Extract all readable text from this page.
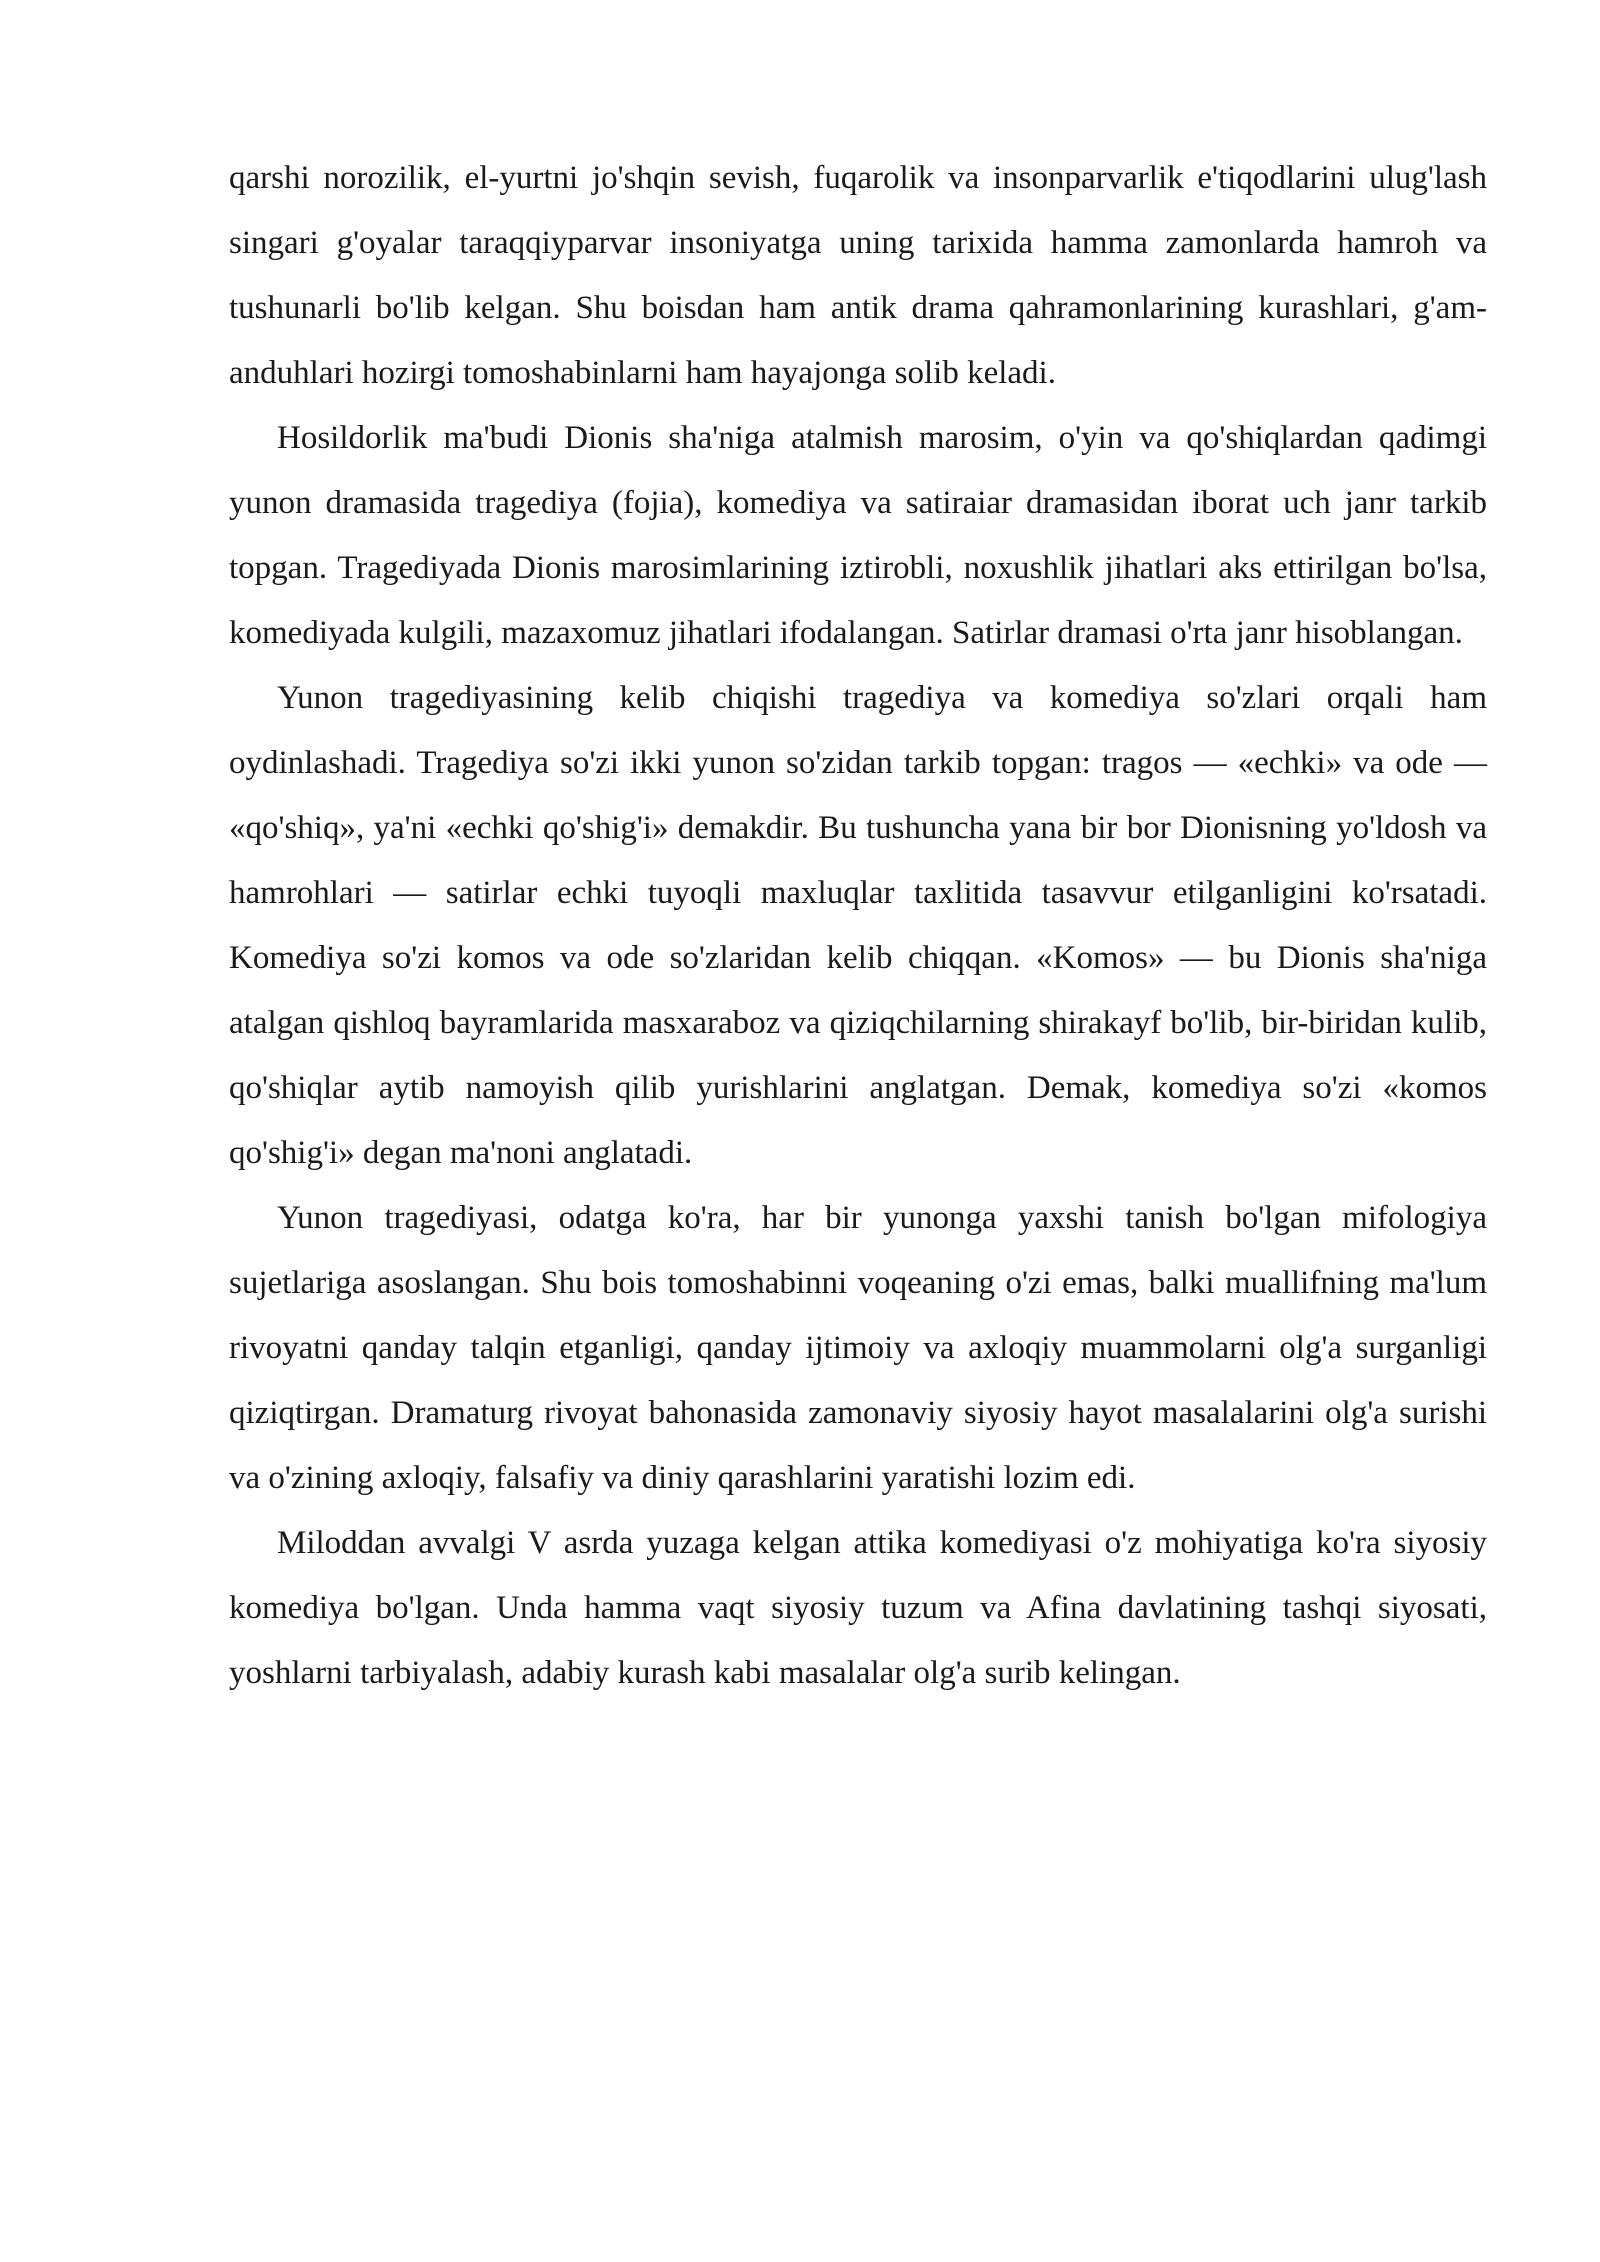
qarshi norozilik, el-yurtni jo'shqin sevish, fuqarolik va insonparvarlik e'tiqodlarini ulug'lash singari g'oyalar taraqqiyparvar insoniyatga uning tarixida hamma zamonlarda hamroh va tushunarli bo'lib kelgan. Shu boisdan ham antik drama qahramonlarining kurashlari, g'am-anduhlari hozirgi tomoshabinlarni ham hayajonga solib keladi.

Hosildorlik ma'budi Dionis sha'niga atalmish marosim, o'yin va qo'shiqlardan qadimgi yunon dramasida tragediya (fojia), komediya va satiraiar dramasidan iborat uch janr tarkib topgan. Tragediyada Dionis marosimlarining iztirobli, noxushlik jihatlari aks ettirilgan bo'lsa, komediyada kulgili, mazaxomuz jihatlari ifodalangan. Satirlar dramasi o'rta janr hisoblangan.

Yunon tragediyasining kelib chiqishi tragediya va komediya so'zlari orqali ham oydinlashadi. Tragediya so'zi ikki yunon so'zidan tarkib topgan: tragos — «echki» va ode — «qo'shiq», ya'ni «echki qo'shig'i» demakdir. Bu tushuncha yana bir bor Dionisning yo'ldosh va hamrohlari — satirlar echki tuyoqli maxluqlar taxlitida tasavvur etilganligini ko'rsatadi. Komediya so'zi komos va ode so'zlaridan kelib chiqqan. «Komos» — bu Dionis sha'niga atalgan qishloq bayramlarida masxaraboz va qiziqchilarning shirakayf bo'lib, bir-biridan kulib, qo'shiqlar aytib namoyish qilib yurishlarini anglatgan. Demak, komediya so'zi «komos qo'shig'i» degan ma'noni anglatadi.

Yunon tragediyasi, odatga ko'ra, har bir yunonga yaxshi tanish bo'lgan mifologiya sujetlariga asoslangan. Shu bois tomoshabinni voqeaning o'zi emas, balki muallifning ma'lum rivoyatni qanday talqin etganligi, qanday ijtimoiy va axloqiy muammolarni olg'a surganligi qiziqtirgan. Dramaturg rivoyat bahonasida zamonaviy siyosiy hayot masalalarini olg'a surishi va o'zining axloqiy, falsafiy va diniy qarashlarini yaratishi lozim edi.

Miloddan avvalgi V asrda yuzaga kelgan attika komediyasi o'z mohiyatiga ko'ra siyosiy komediya bo'lgan. Unda hamma vaqt siyosiy tuzum va Afina davlatining tashqi siyosati, yoshlarni tarbiyalash, adabiy kurash kabi masalalar olg'a surib kelingan.
